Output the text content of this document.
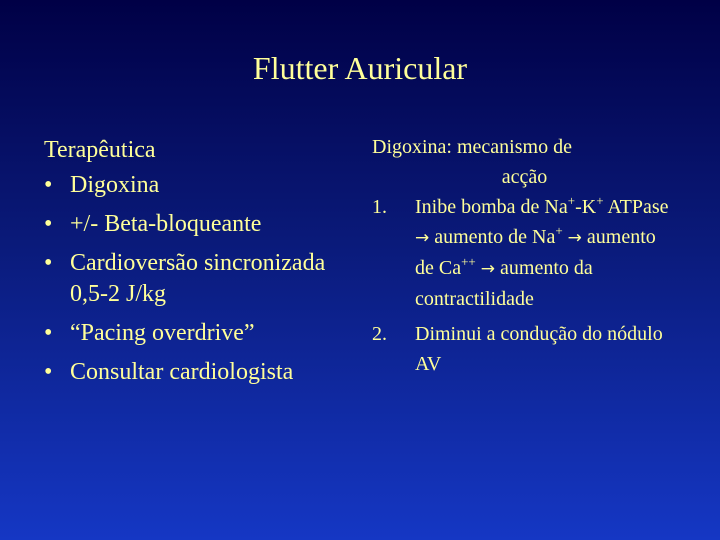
Flutter Auricular
Terapêutica
• Digoxina
• +/- Beta-bloqueante
• Cardioversão sincronizada 0,5-2 J/kg
• “Pacing overdrive”
• Consultar cardiologista
Digoxina: mecanismo de
acção
1. Inibe bomba de Na+-K+ ATPase → aumento de Na+ → aumento de Ca++ → aumento da contractilidade
2. Diminui a condução do nódulo AV
